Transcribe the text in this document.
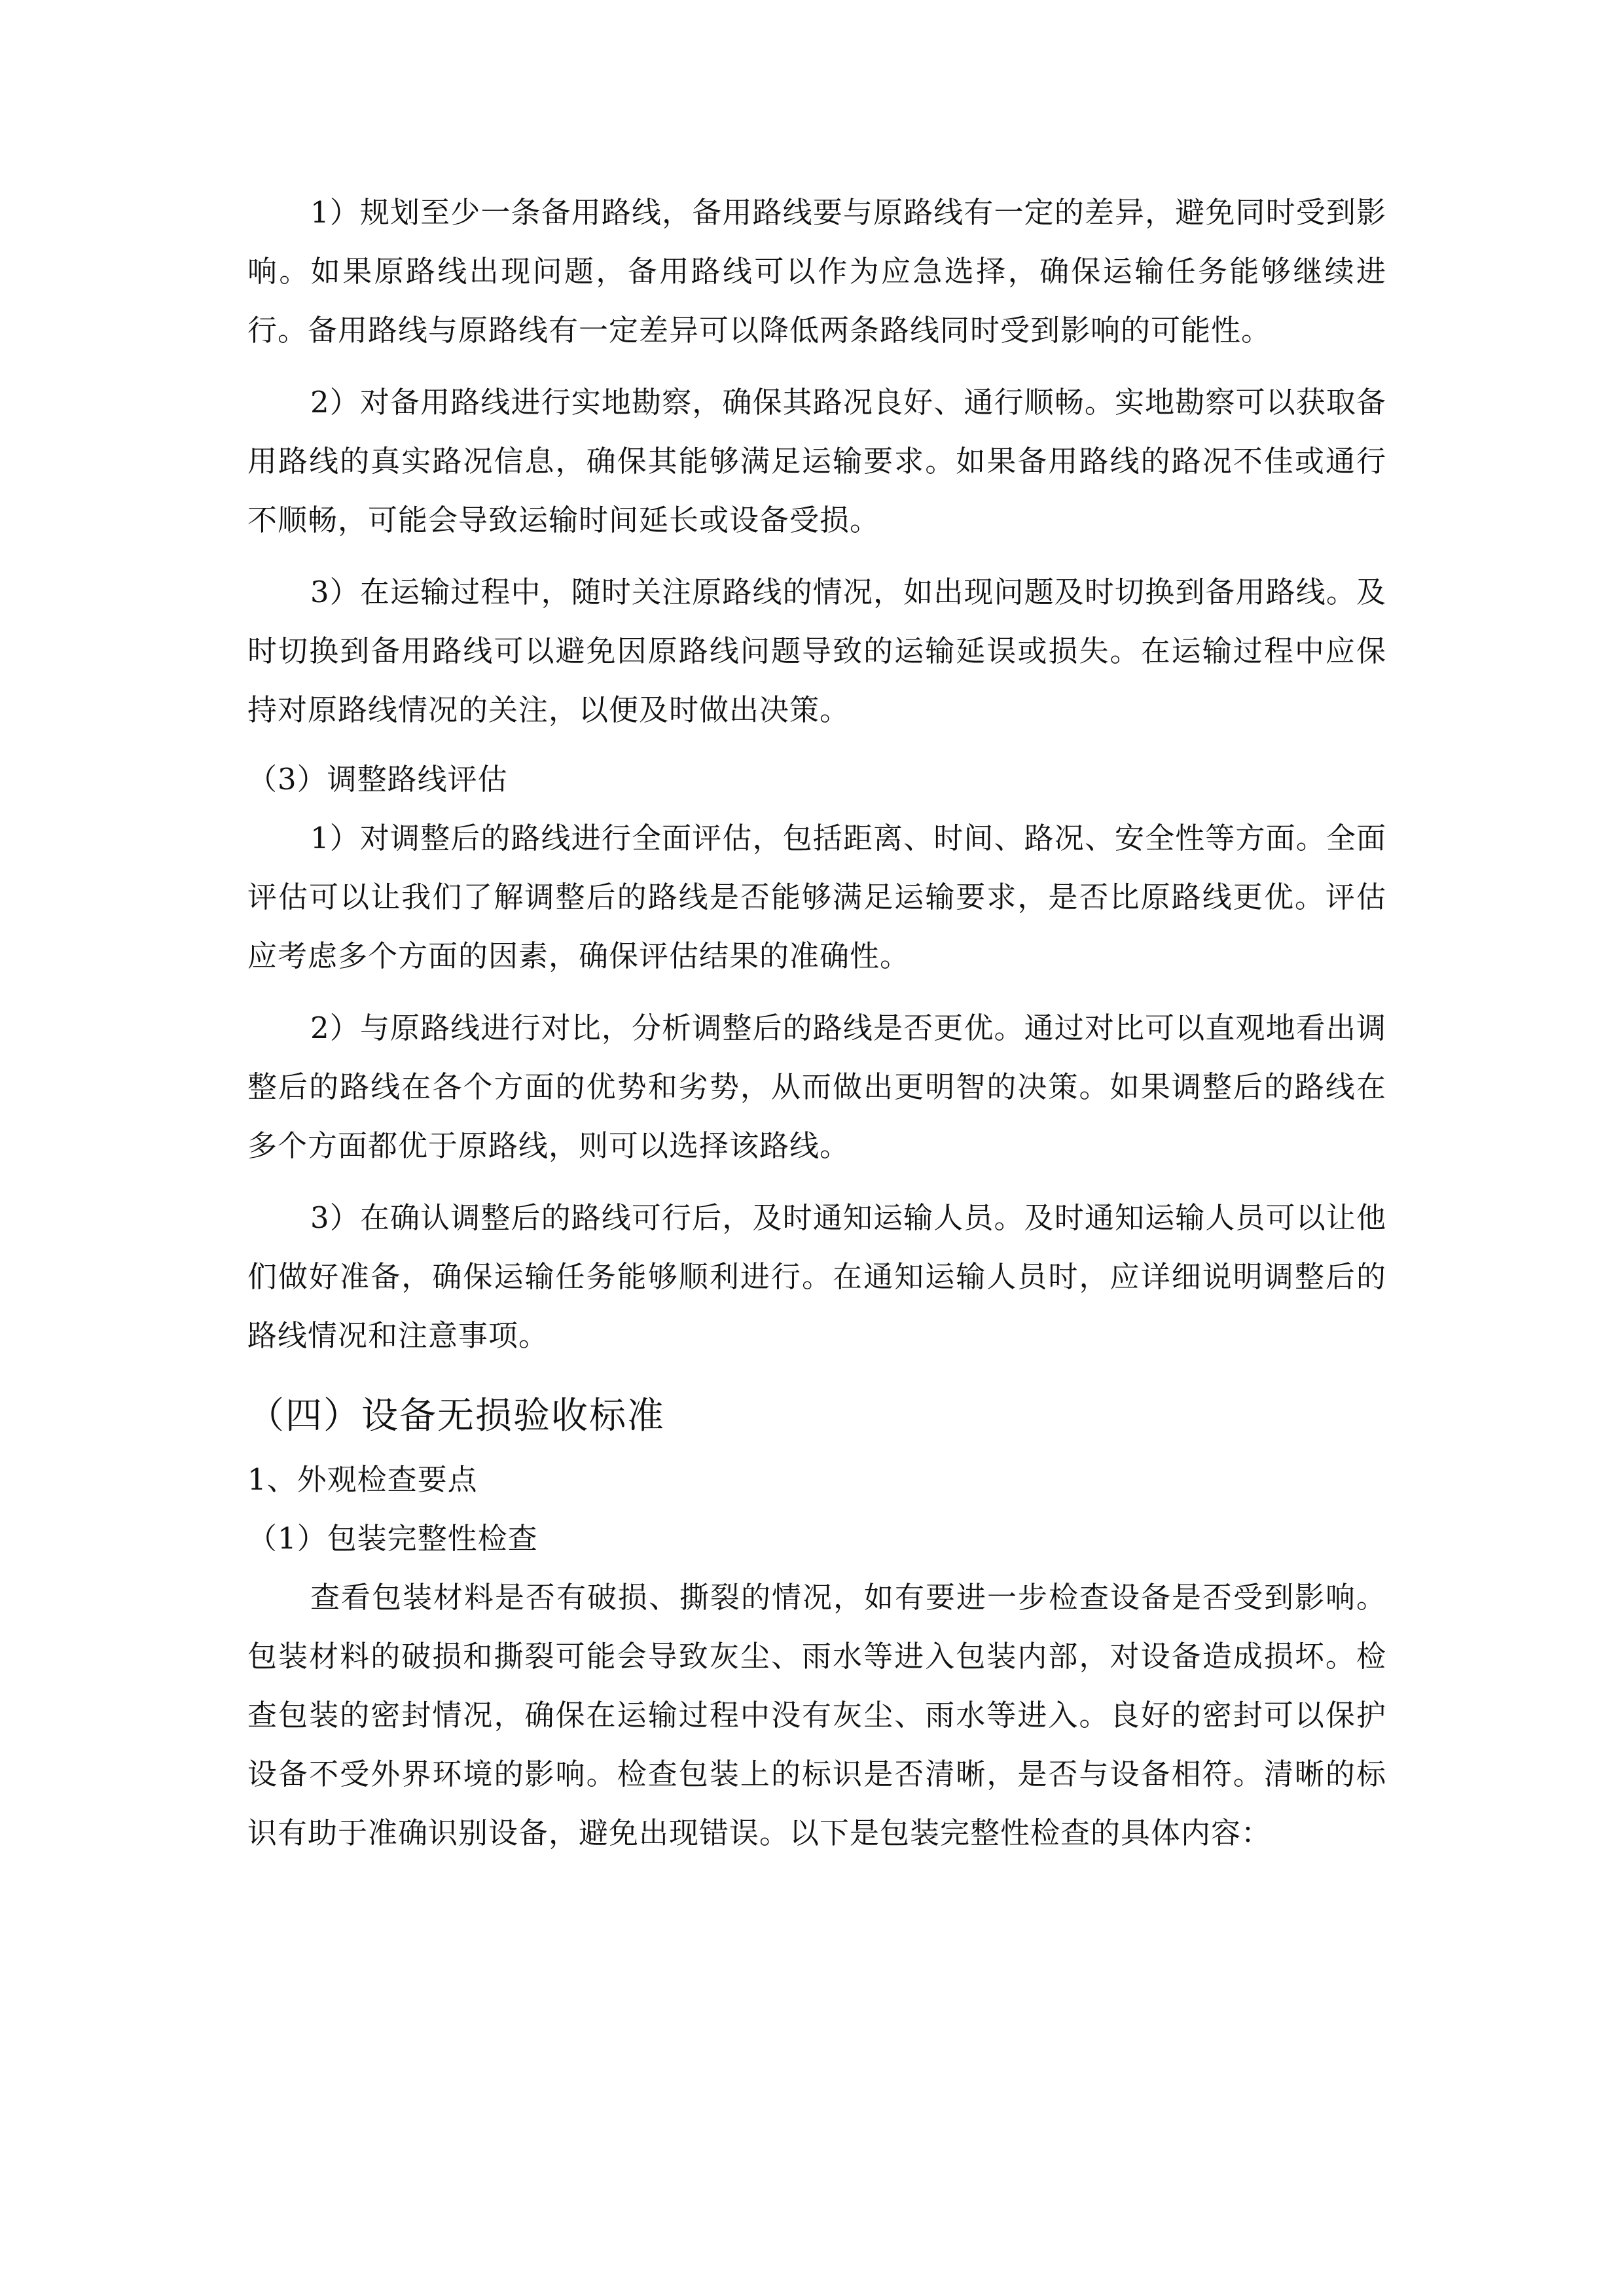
1）规划至少一条备用路线，备用路线要与原路线有一定的差异，避免同时受到影响。如果原路线出现问题，备用路线可以作为应急选择，确保运输任务能够继续进行。备用路线与原路线有一定差异可以降低两条路线同时受到影响的可能性。

2）对备用路线进行实地勘察，确保其路况良好、通行顺畅。实地勘察可以获取备用路线的真实路况信息，确保其能够满足运输要求。如果备用路线的路况不佳或通行不顺畅，可能会导致运输时间延长或设备受损。

3）在运输过程中，随时关注原路线的情况，如出现问题及时切换到备用路线。及时切换到备用路线可以避免因原路线问题导致的运输延误或损失。在运输过程中应保持对原路线情况的关注，以便及时做出决策。

（3）调整路线评估

1）对调整后的路线进行全面评估，包括距离、时间、路况、安全性等方面。全面评估可以让我们了解调整后的路线是否能够满足运输要求，是否比原路线更优。评估应考虑多个方面的因素，确保评估结果的准确性。

2）与原路线进行对比，分析调整后的路线是否更优。通过对比可以直观地看出调整后的路线在各个方面的优势和劣势，从而做出更明智的决策。如果调整后的路线在多个方面都优于原路线，则可以选择该路线。

3）在确认调整后的路线可行后，及时通知运输人员。及时通知运输人员可以让他们做好准备，确保运输任务能够顺利进行。在通知运输人员时，应详细说明调整后的路线情况和注意事项。

（四）设备无损验收标准
1、外观检查要点
（1）包装完整性检查

查看包装材料是否有破损、撕裂的情况，如有要进一步检查设备是否受到影响。包装材料的破损和撕裂可能会导致灰尘、雨水等进入包装内部，对设备造成损坏。检查包装的密封情况，确保在运输过程中没有灰尘、雨水等进入。良好的密封可以保护设备不受外界环境的影响。检查包装上的标识是否清晰，是否与设备相符。清晰的标识有助于准确识别设备，避免出现错误。以下是包装完整性检查的具体内容：
